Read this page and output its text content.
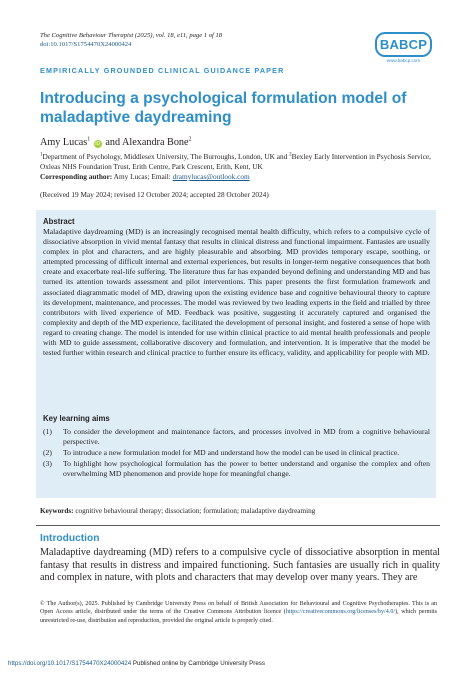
The Cognitive Behaviour Therapist (2025), vol. 18, e11, page 1 of 18
doi:10.1017/S1754470X24000424	BABCP
www.babcp.com
EMPIRICALLY GROUNDED CLINICAL GUIDANCE PAPER
Introducing a psychological formulation model of maladaptive daydreaming
Amy Lucas$^1$ iD and Alexandra Bone$^2$
$^1$Department of Psychology, Middlesex University, The Burroughs, London, UK and $^2$Bexley Early Intervention in Psychosis Service, Oxleas NHS Foundation Trust, Erith Centre, Park Crescent, Erith, Kent, UK
Corresponding author: Amy Lucas; Email: dramylucas@outlook.com
(Received 19 May 2024; revised 12 October 2024; accepted 28 October 2024)
Abstract

Maladaptive daydreaming (MD) is an increasingly recognised mental health difficulty, which refers to a compulsive cycle of dissociative absorption in vivid mental fantasy that results in clinical distress and functional impairment. Fantasies are usually complex in plot and characters, and are highly pleasurable and absorbing. MD provides temporary escape, soothing, or attempted processing of difficult internal and external experiences, but results in longer-term negative consequences that both create and exacerbate real-life suffering. The literature thus far has expanded beyond defining and understanding MD and has turned its attention towards assessment and pilot interventions. This paper presents the first formulation framework and associated diagrammatic model of MD, drawing upon the existing evidence base and cognitive behavioural theory to capture its development, maintenance, and processes. The model was reviewed by two leading experts in the field and trialled by three contributors with lived experience of MD. Feedback was positive, suggesting it accurately captured and organised the complexity and depth of the MD experience, facilitated the development of personal insight, and fostered a sense of hope with regard to creating change. The model is intended for use within clinical practice to aid mental health professionals and people with MD to guide assessment, collaborative discovery and formulation, and intervention. It is imperative that the model be tested further within research and clinical practice to further ensure its efficacy, validity, and applicability for people with MD.

Key learning aims
(1) To consider the development and maintenance factors, and processes involved in MD from a cognitive behavioural perspective.
(2) To introduce a new formulation model for MD and understand how the model can be used in clinical practice.
(3) To highlight how psychological formulation has the power to better understand and organise the complex and often overwhelming MD phenomenon and provide hope for meaningful change.
Keywords: cognitive behavioural therapy; dissociation; formulation; maladaptive daydreaming
Introduction

Maladaptive daydreaming (MD) refers to a compulsive cycle of dissociative absorption in mental fantasy that results in distress and impaired functioning. Such fantasies are usually rich in quality and complex in nature, with plots and characters that may develop over many years. They are

© The Author(s), 2025. Published by Cambridge University Press on behalf of British Association for Behavioural and Cognitive Psychotherapies. This is an Open Access article, distributed under the terms of the Creative Commons Attribution licence (https://creativecommons.org/licenses/by/4.0/), which permits unrestricted re-use, distribution and reproduction, provided the original article is properly cited.

https://doi.org/10.1017/S1754470X24000424 Published online by Cambridge University Press
